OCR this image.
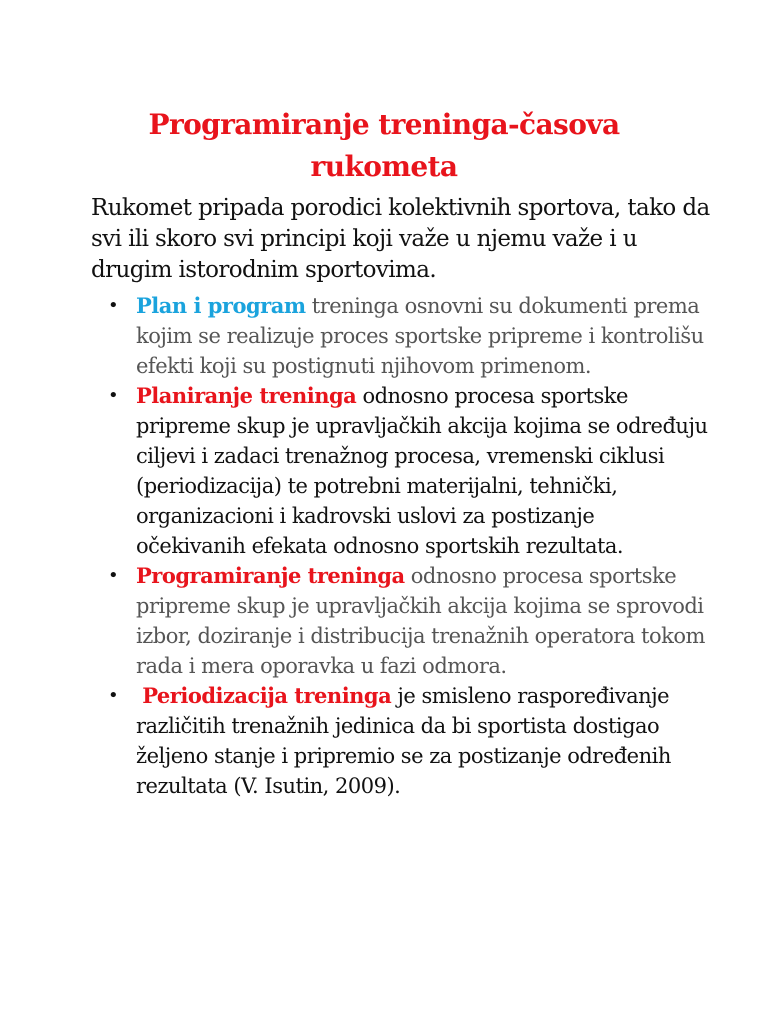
Programiranje treninga-časova
rukometa

Rukomet pripada porodici kolektivnih sportova, tako da svi ili skoro svi principi koji važe u njemu važe i u drugim istorodnim sportovima.

• Plan i program treninga osnovni su dokumenti prema kojim se realizuje proces sportske pripreme i kontrolišu efekti koji su postignuti njihovom primenom.
• Planiranje treninga odnosno procesa sportske pripreme skup je upravljačkih akcija kojima se određuju ciljevi i zadaci trenažnog procesa, vremenski ciklusi (periodizacija) te potrebni materijalni, tehnički, organizacioni i kadrovski uslovi za postizanje očekivanih efekata odnosno sportskih rezultata.
• Programiranje treninga odnosno procesa sportske pripreme skup je upravljačkih akcija kojima se sprovodi izbor, doziranje i distribucija trenažnih operatora tokom rada i mera oporavka u fazi odmora.
• Periodizacija treninga je smisleno raspoređivanje različitih trenažnih jedinica da bi sportista dostigao željeno stanje i pripremio se za postizanje određenih rezultata (V. Isutin, 2009).
